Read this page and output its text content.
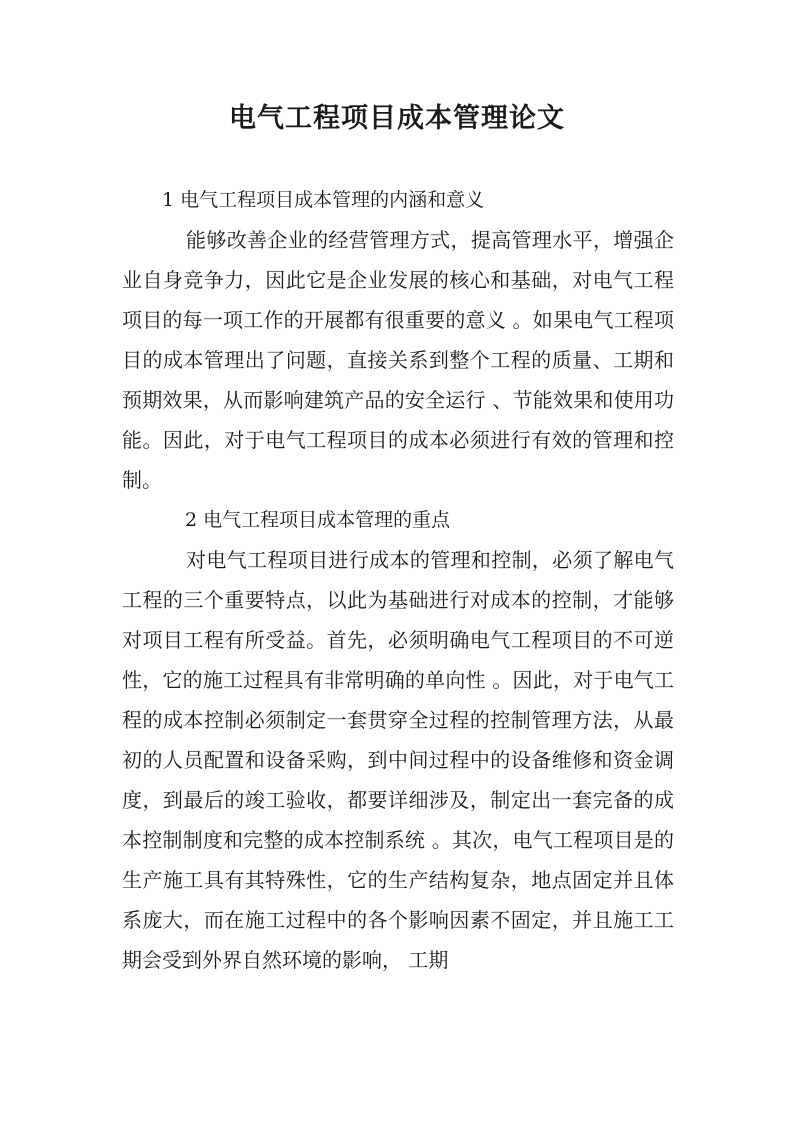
电气工程项目成本管理论文

1 电气工程项目成本管理的内涵和意义

能够改善企业的经营管理方式，提高管理水平，增强企业自身竞争力，因此它是企业发展的核心和基础，对电气工程项目的每一项工作的开展都有很重要的意义 。如果电气工程项目的成本管理出了问题，直接关系到整个工程的质量、工期和预期效果，从而影响建筑产品的安全运行 、节能效果和使用功能。因此，对于电气工程项目的成本必须进行有效的管理和控制。

2 电气工程项目成本管理的重点

对电气工程项目进行成本的管理和控制，必须了解电气工程的三个重要特点，以此为基础进行对成本的控制，才能够对项目工程有所受益。首先，必须明确电气工程项目的不可逆性，它的施工过程具有非常明确的单向性 。因此，对于电气工程的成本控制必须制定一套贯穿全过程的控制管理方法，从最初的人员配置和设备采购，到中间过程中的设备维修和资金调度，到最后的竣工验收，都要详细涉及，制定出一套完备的成本控制制度和完整的成本控制系统 。其次，电气工程项目是的生产施工具有其特殊性，它的生产结构复杂，地点固定并且体系庞大，而在施工过程中的各个影响因素不固定，并且施工工期会受到外界自然环境的影响， 工期
